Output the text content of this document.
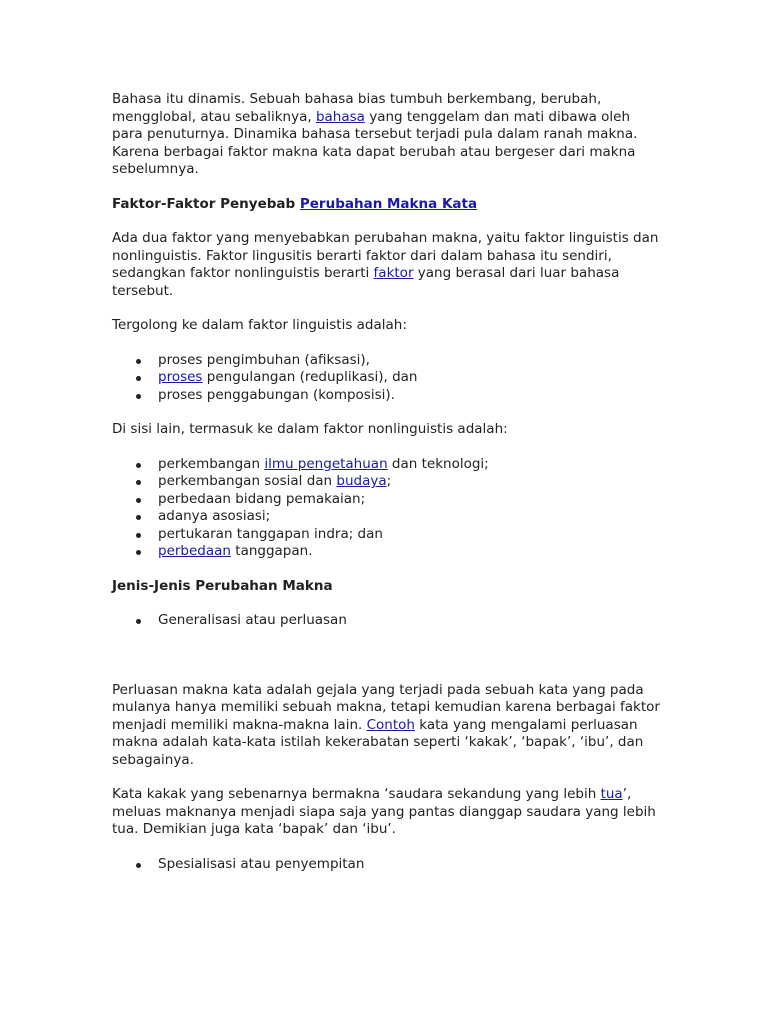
Bahasa itu dinamis. Sebuah bahasa bias tumbuh berkembang, berubah, mengglobal, atau sebaliknya, bahasa yang tenggelam dan mati dibawa oleh para penuturnya. Dinamika bahasa tersebut terjadi pula dalam ranah makna. Karena berbagai faktor makna kata dapat berubah atau bergeser dari makna sebelumnya.

Faktor-Faktor Penyebab Perubahan Makna Kata

Ada dua faktor yang menyebabkan perubahan makna, yaitu faktor linguistis dan nonlinguistis. Faktor lingusitis berarti faktor dari dalam bahasa itu sendiri, sedangkan faktor nonlinguistis berarti faktor yang berasal dari luar bahasa tersebut.

Tergolong ke dalam faktor linguistis adalah:

proses pengimbuhan (afiksasi),
proses pengulangan (reduplikasi), dan
proses penggabungan (komposisi).

Di sisi lain, termasuk ke dalam faktor nonlinguistis adalah:

perkembangan ilmu pengetahuan dan teknologi;
perkembangan sosial dan budaya;
perbedaan bidang pemakaian;
adanya asosiasi;
pertukaran tanggapan indra; dan
perbedaan tanggapan.
Jenis-Jenis Perubahan Makna
Generalisasi atau perluasan

Perluasan makna kata adalah gejala yang terjadi pada sebuah kata yang pada mulanya hanya memiliki sebuah makna, tetapi kemudian karena berbagai faktor menjadi memiliki makna-makna lain. Contoh kata yang mengalami perluasan makna adalah kata-kata istilah kekerabatan seperti ‘kakak’, ‘bapak’, ‘ibu’, dan sebagainya.

Kata kakak yang sebenarnya bermakna ‘saudara sekandung yang lebih tua’, meluas maknanya menjadi siapa saja yang pantas dianggap saudara yang lebih tua. Demikian juga kata ‘bapak’ dan ‘ibu’.

Spesialisasi atau penyempitan
